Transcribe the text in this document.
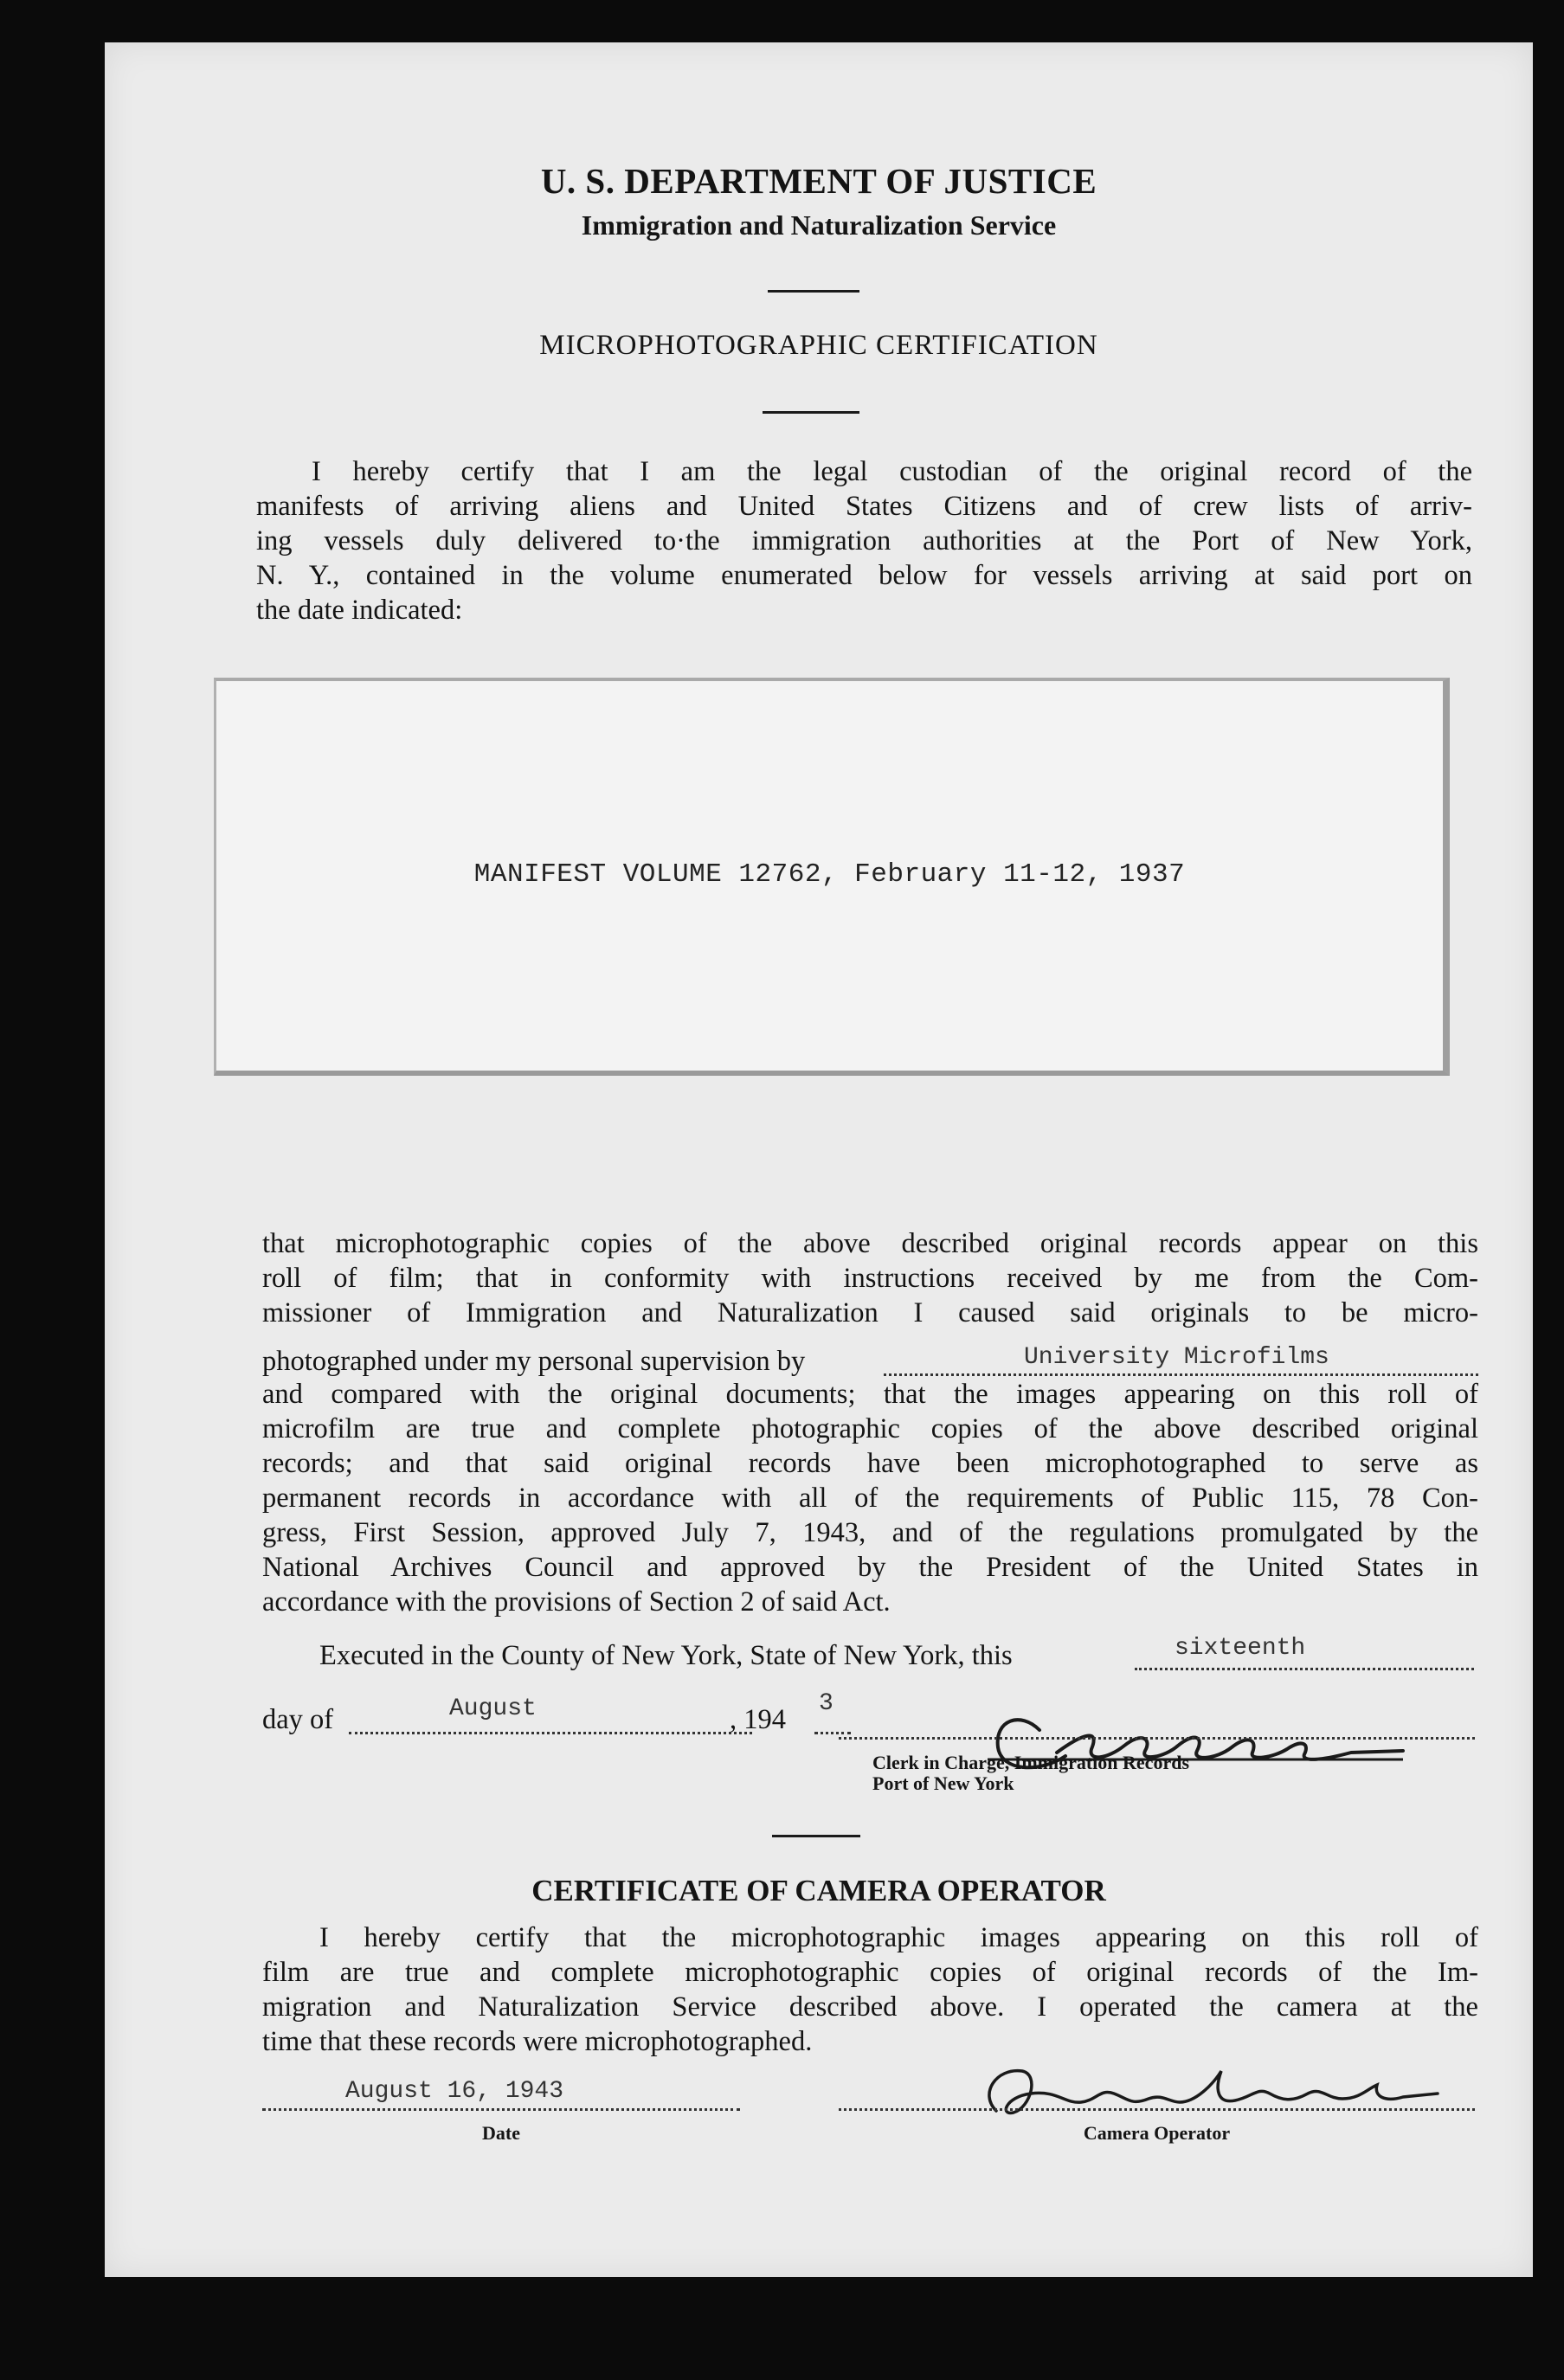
U. S. DEPARTMENT OF JUSTICE
Immigration and Naturalization Service
MICROPHOTOGRAPHIC CERTIFICATION
I hereby certify that I am the legal custodian of the original record of the
manifests of arriving aliens and United States Citizens and of crew lists of arriv-
ing vessels duly delivered to·the immigration authorities at the Port of New York,
N. Y., contained in the volume enumerated below for vessels arriving at said port on
the date indicated:
MANIFEST VOLUME 12762, February 11-12, 1937
that microphotographic copies of the above described original records appear on this
roll of film; that in conformity with instructions received by me from the Com-
missioner of Immigration and Naturalization I caused said originals to be micro-
photographed under my personal supervision by	University Microfilms
and compared with the original documents; that the images appearing on this roll of
microfilm are true and complete photographic copies of the above described original
records; and that said original records have been microphotographed to serve as
permanent records in accordance with all of the requirements of Public 115, 78 Con-
gress, First Session, approved July 7, 1943, and of the regulations promulgated by the
National Archives Council and approved by the President of the United States in
accordance with the provisions of Section 2 of said Act.
Executed in the County of New York, State of New York, this	sixteenth
day of	August	, 194
3
Clerk in Charge, Immigration Records
Port of New York
CERTIFICATE OF CAMERA OPERATOR
I hereby certify that the microphotographic images appearing on this roll of
film are true and complete microphotographic copies of original records of the Im-
migration and Naturalization Service described above. I operated the camera at the
time that these records were microphotographed.
August 16, 1943
Date	Camera Operator
